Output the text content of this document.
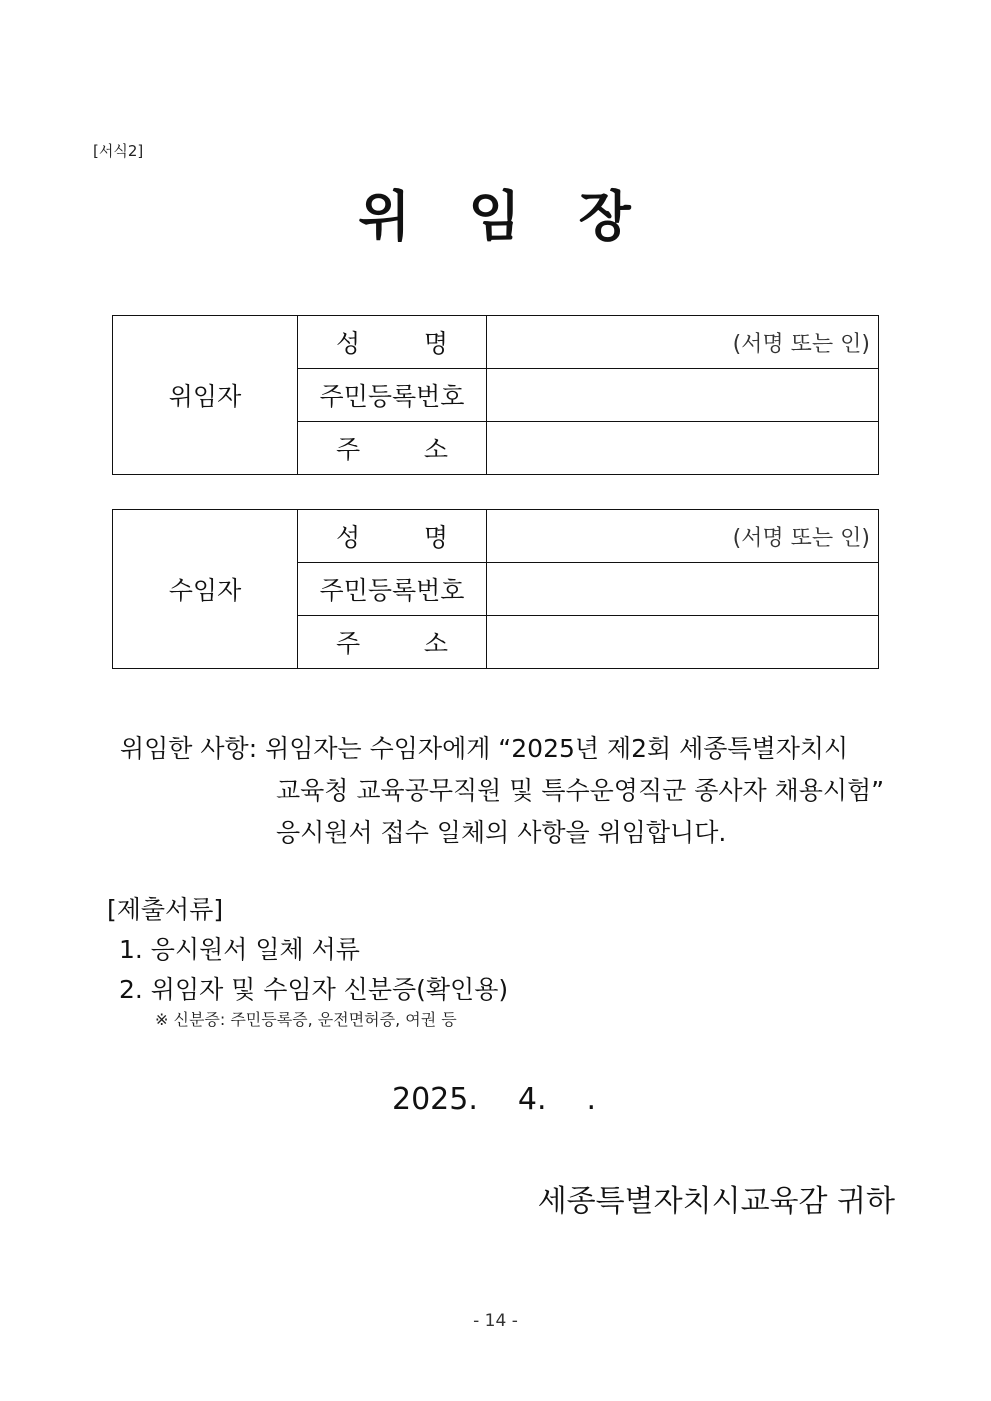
[서식2]
위 임 장
위임자	성 명	(서명 또는 인)
	주민등록번호	

	주 소	

수임자	성 명	(서명 또는 인)
	주민등록번호	

	주 소	

위임한 사항: 위임자는 수임자에게 “2025년 제2회 세종특별자치시
교육청 교육공무직원 및 특수운영직군 종사자 채용시험”
응시원서 접수 일체의 사항을 위임합니다.
[제출서류]
1. 응시원서 일체 서류
2. 위임자 및 수임자 신분증(확인용)
※ 신분증: 주민등록증, 운전면허증, 여권 등
2025. 4. .
세종특별자치시교육감 귀하
- 14 -
